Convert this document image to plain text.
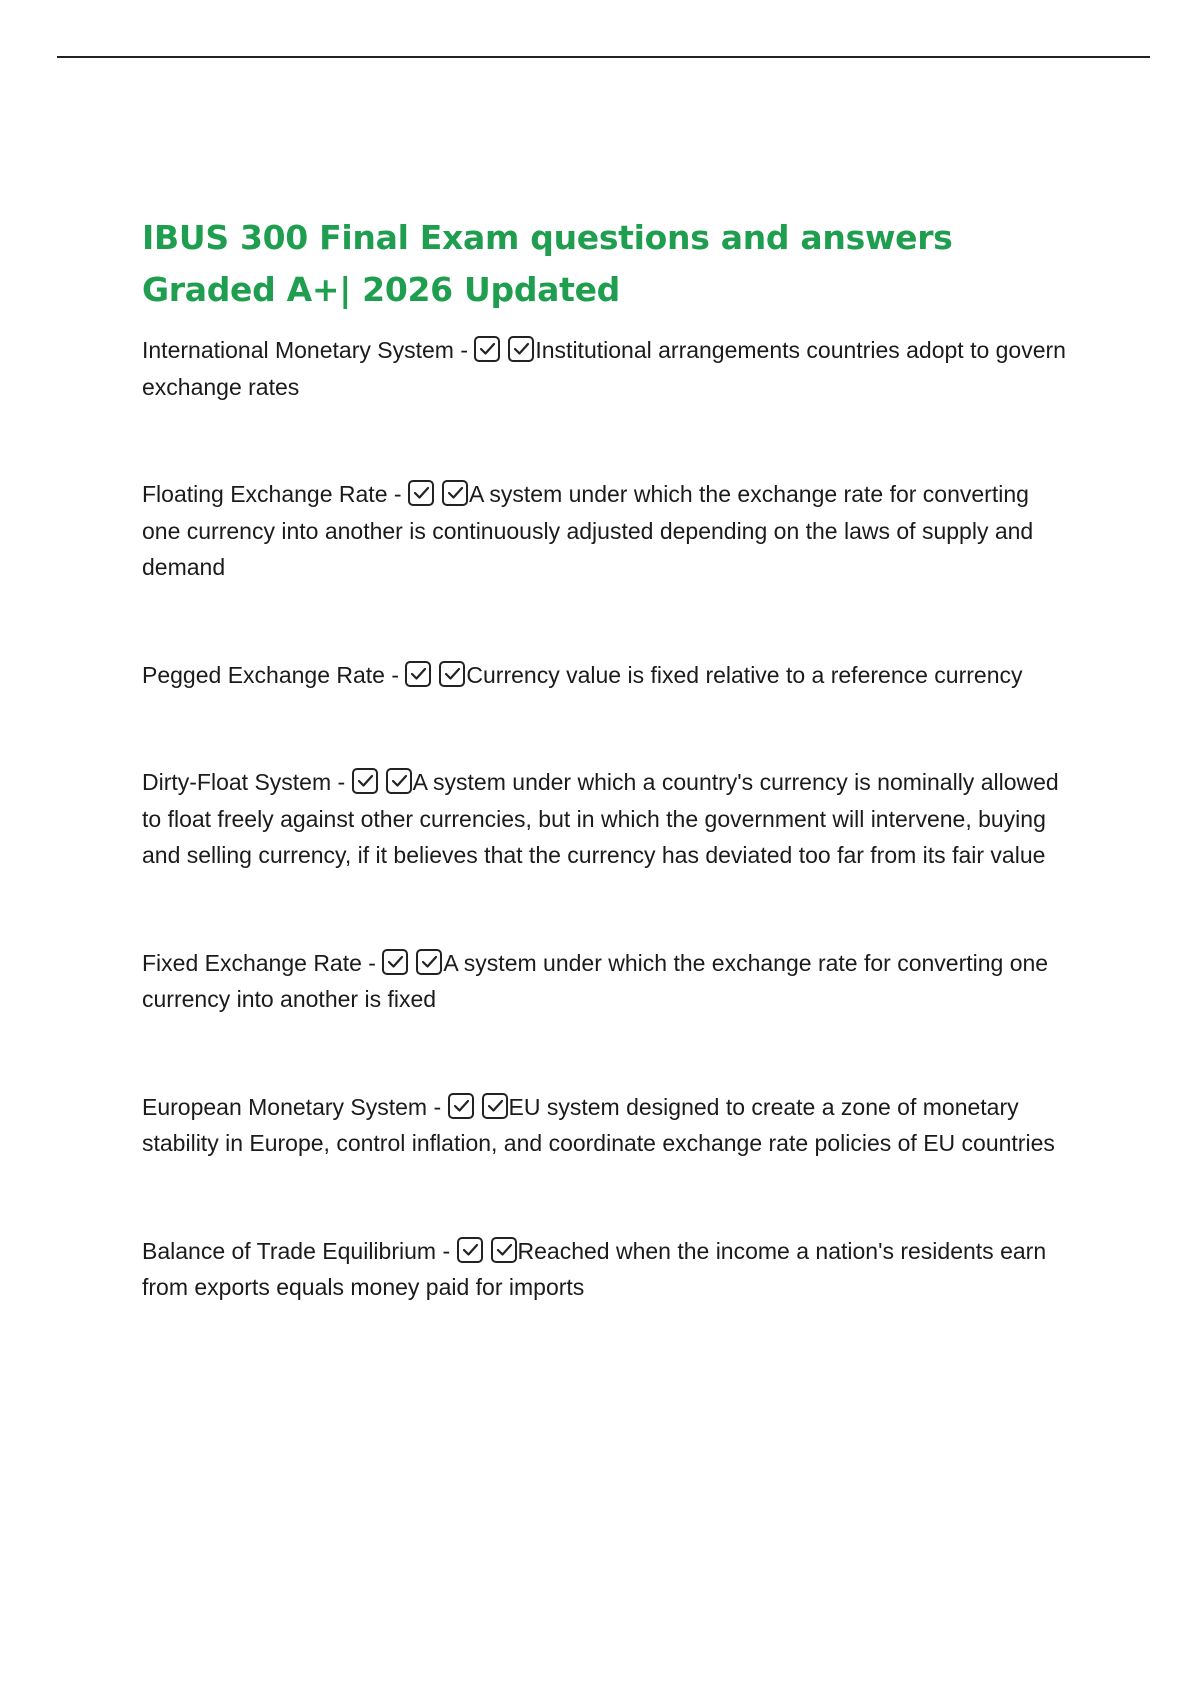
IBUS 300 Final Exam questions and answers Graded A+| 2026 Updated
International Monetary System -	Institutional arrangements countries adopt to govern exchange rates
Floating Exchange Rate -	A system under which the exchange rate for converting one currency into another is continuously adjusted depending on the laws of supply and demand
Pegged Exchange Rate -	Currency value is fixed relative to a reference currency
Dirty-Float System -	A system under which a country's currency is nominally allowed to float freely against other currencies, but in which the government will intervene, buying and selling currency, if it believes that the currency has deviated too far from its fair value
Fixed Exchange Rate -	A system under which the exchange rate for converting one currency into another is fixed
European Monetary System -	EU system designed to create a zone of monetary stability in Europe, control inflation, and coordinate exchange rate policies of EU countries
Balance of Trade Equilibrium -	Reached when the income a nation's residents earn from exports equals money paid for imports
